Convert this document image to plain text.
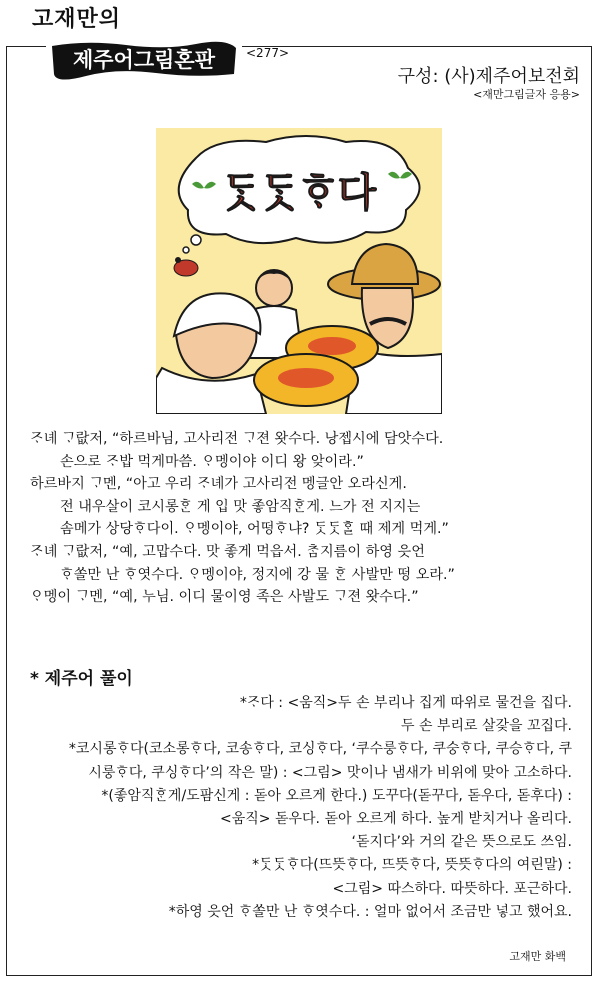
고재만의
제주어그림혼판	<277>
구성: (사)제주어보전회
<재만그림글자 응용>
ᄃᆞᆺᄃᆞᆺᄒᆞ다
ᄌᆞ녜 ᄀᆞ랎저, “하르바님, 고사리전 ᄀᆞ젼 왓수다. 낭젭시에 담앗수다.
손으로 ᄌᆞ밥 먹게마씀. ᄋᆞ멩이야 이디 왕 앚이라.”
하르바지 ᄀᆞ멘, “아고 우리 ᄌᆞ녜가 고사리전 멩글안 오라신게.
전 내우살이 코시롱ᄒᆞᆫ 게 입 맛 좋암직ᄒᆞᆫ게. 느가 전 지지는
솜메가 상당ᄒᆞ다이. ᄋᆞ멩이야, 어떵ᄒᆞ냐? ᄃᆞᆺᄃᆞᆺᄒᆞᆯ 때 제게 먹게.”
ᄌᆞ녜 ᄀᆞ랎저, “예, 고맙수다. 맛 좋게 먹읍서. ᄎᆞᆷ지름이 하영 읏언
ᄒᆞ쏠만 난 ᄒᆞ엿수다. ᄋᆞ멩이야, 정지에 강 물 ᄒᆞᆫ 사발만 떵 오라.”
ᄋᆞ멩이 ᄀᆞ멘, “예, 누님. 이디 물이영 족은 사발도 ᄀᆞ젼 왓수다.”
* 제주어 풀이
*ᄌᆞ다 : <움직>두 손 부리나 집게 따위로 물건을 집다.
두 손 부리로 살갗을 꼬집다.
*코시롱ᄒᆞ다(코소롱ᄒᆞ다, 코송ᄒᆞ다, 코싱ᄒᆞ다, ‘쿠수룽ᄒᆞ다, 쿠숭ᄒᆞ다, 쿠승ᄒᆞ다, 쿠
시룽ᄒᆞ다, 쿠싱ᄒᆞ다’의 작은 말) : <그림> 맛이나 냄새가 비위에 맞아 고소하다.
*(좋암직ᄒᆞᆫ게/도팜신게 : 돋아 오르게 한다.) 도꾸다(돋꾸다, 돋우다, 돋후다) :
<움직> 돋우다. 돋아 오르게 하다. 높게 받치거나 올리다.
‘돋지다’와 거의 같은 뜻으로도 쓰임.
*ᄃᆞᆺᄃᆞᆺᄒᆞ다(뜨뜻ᄒᆞ다, 뜨뜻ᄒᆞ다, 뜻뜻ᄒᆞ다의 여린말) :
<그림> 따스하다. 따뜻하다. 포근하다.
*하영 읏언 ᄒᆞ쏠만 난 ᄒᆞ엿수다. : 얼마 없어서 조금만 넣고 했어요.
고재만 화백
